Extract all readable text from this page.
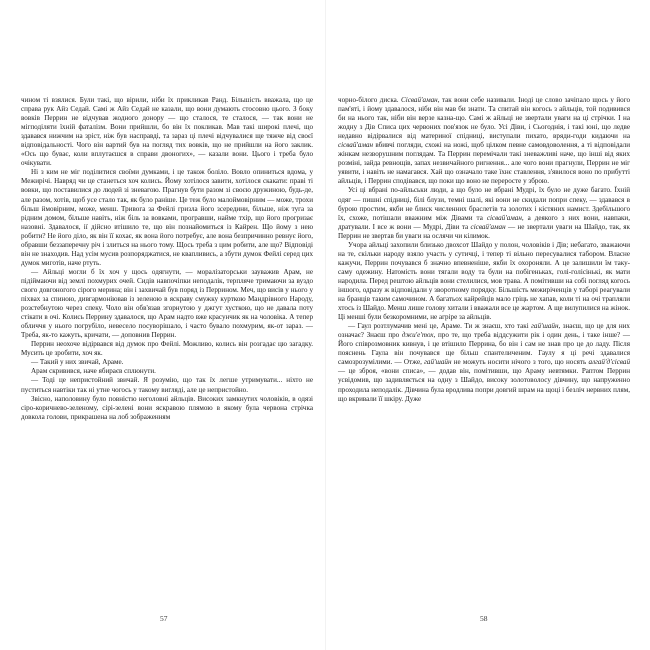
чином ті взялися. Були такі, що вірили, ніби їх прикликав Ранд. Більшість вважала, що це справа рук Айз Седай. Самі ж Айз Седай не казали, що вони думають стосовно цього. З боку вовків Перрин не відчував жодного донору — що сталося, те сталося, — так вони не мігподіляти їхній фаталізм. Вони прийшли, бо він їх покликав. Мав такі широкі плечі, що здавався нижчим на зріст, ніж був насправді, та зараз ці плечі відчувалися ще тяжче від своєї відповідальності. Чого він вартий був на погляд тих вовків, що не прийшли на його заклик. «Ось що буває, коли вплутаєшся в справи двоногих», — казали вони. Цього і треба було очікувати.

Ні з ким не міг поділитися своїми думками, і це також боліло. Вовло опиниться вдома, у Межирічі. Навряд чи це станеться хоч колись. Йому хотілося завити, хотілося скакати: праві ті вовки, що поставилися до людей зі зневагою. Прагнув бути разом зі своєю дружиною, будь-де, але разом, хотів, щоб усе стало так, як було раніше. Це теж було малоймовірним — може, трохи більш ймовірним, може, менш. Тривога за Фейлі гризла його зсередини, більше, ніж туга за рідним домом, більше навіть, ніж біль за вовками, програвши, найме тхір, що його прогризає назовні. Здавалося, ії дійсно втішило те, що він познайомиться із Кайрен. Що йому з нею робити? Не його діло, як він її кохає, як вона його потребує, але вона безпричинно ревнує його, обравши беззаперечну річ і злиться на нього тому. Щось треба з цим робити, але що? Відповіді він не знаходив. Над усім мусив розпоряджатися, не квапливись, а збути думок Фейлі серед цих думок миготів, наче ртуть.

— Айльці могли б їх хоч у щось одягнути, — моралізаторськи зауважив Арам, не підіймаючи від землі похмурих очей. Сидів навпочіпки неподалік, терпляче тримаючи за вуздо свого довгоногого сірого мерина; він і захвичай був поряд із Перрином. Меч, що висів у нього у піхвах за спиною, дивгармоніював із зеленою в яскраву смужку курткою Мандрівного Народу, розстебнутою через спеку. Чоло він обв'язав згорнутою у джгут хусткою, що не давала поту стікати в очі. Колись Перрину здавалося, що Арам надто вже красунчик як на чоловіка. А тепер обличчя у нього погрубіло, невесело посуворішало, і часто бувало похмурим, як-от зараз. — Треба, як-то кажуть, кричати, — доповнив Перрин.

Перрин неохоче відірвався від думок про Фейлі. Можливо, колись він розгадає цю загадку. Мусить це зробити, хоч як.

— Такий у них звичай, Араме.

Арам скривився, наче ябираєв сплюнути.

— Тоді це непристойний звичай. Я розумію, що так їх легше утримувати... ніхто не пуститься навтіки так ні утне чогось у такому вигляді, але це непристойно.

Звісно, наполовину було повністю неголовні айльців. Високих замкнутих чоловіків, в одязі сіро-коричнево-зеленому, сірі-зелені вони яскравою плямою в якому була червона стрічка довкола голови, прикрашена на лоб зображенням

57

чорно-білого диска. Сісвай'аман, так вони себе називали. Іноді це слово зачіпало щось у його пам'яті, і йому здавалося, ніби він мав би знати. Та спитай він когось з айльців, той подивився би на нього так, ніби він верзе казна-що. Самі ж айльці не звертали уваги на ці стрічки. І на жодну з Дів Списа цих червоних пов'язок не було. Усі Діви, і Сьогоднія, і такі юні, що ледве недавно відірвалися від материної спідниці, виступали пихато, вряди-годи кидаючи на сісвай'аман вбивчі погляди, схожі на ножі, щоб цілком певне самовдоволення, а ті відповідали жінкам незворушним поглядам. Та Перрин перемічали такі зневажливі наче, що інші від яких розміні, зайда ревнощів, запах незвичайного ригнення... але чого вони прагнули, Перрин не міг уявити, і навіть не намагався. Хай що означало таке їхнє ставлення, з'явилося воно по прибутті айльців, і Перрин сподівався, що поки що воно не переросте у зброю.

Усі ці вбрані по-айльськи люди, а що було не вбрані Мудрі, їх було не дуже багато. Їхній одяг — пишні спідниці, білі блузи, темні шалі, які вони не скидали попри спеку, — здавався в бурою простим, якби не блиск численних браслетів та золотих і кістяних намист. Здебільшого їх, схоже, потішали вважним між Дівами та сісвай'аман, а деякого з них вони, навпаки, дратували. І все ж вони — Мудрі, Діви та сісвай'аман — не звертали уваги на Шайдо, так, як Перрин не звертав би уваги на ослячи чи кілимок.

Учора айльці захопили близько двохсот Шайдо у полон, чоловіків і Дів; небагато, зважаючи на те, скільки народу взяло участь у сутичці, і тепер ті вільно пересувалися табором. Власне кажучи, Перрин почувався б значно впевненіше, якби їх охороняли. А це залишили їм таку-саму одежину. Натомість вони тягали воду та були на побігеньках, голі-голісінькі, як мати народила. Перед рештою айльців вони стелилися, мов трава. А помітивши на собі погляд когось іншого, одразу ж відповідали у зворотному порядку. Більшість межиріченців у таборі реагували на бранців таким самочином. А багатьох кайрейців мало гріць не хапав, коли ті на очі трапляли хтось із Шайдо. Менш лише голову хитали і вважали все це жартом. А ще вилупилися на жінок. Ці менші були безкоромними, не агріре за айльців.

— Гаул розтлумачив мені це, Араме. Ти ж знаєш, хто такі гай'шайн, знаєш, що це для них означає? Знаєш про джи'е'тох, про те, що треба віддсужити рік і один день, і таке інше? — Його співрозмовник кивнув, і це втішило Перрина, бо він і сам не знав про це до ладу. Після пояснень Гаула він почувався ще більш спантеличеним. Гаулу я ці речі здавалися самозрозумілими. — Отже, гай'шайн не можуть носити нічого з того, що носять алгай'д'сісвай — це зброя, «вони списа», — додав він, помітивши, що Араму невтямки. Раптом Перрин усвідомив, що задивляється на одну з Шайдо, високу золотоволосу дівчину, що напруженно проходила неподалік. Дівчина була вродлива попри довгий шрам на щоці і безліч нервних плям, що вкривали її шкіру. Дуже

58
